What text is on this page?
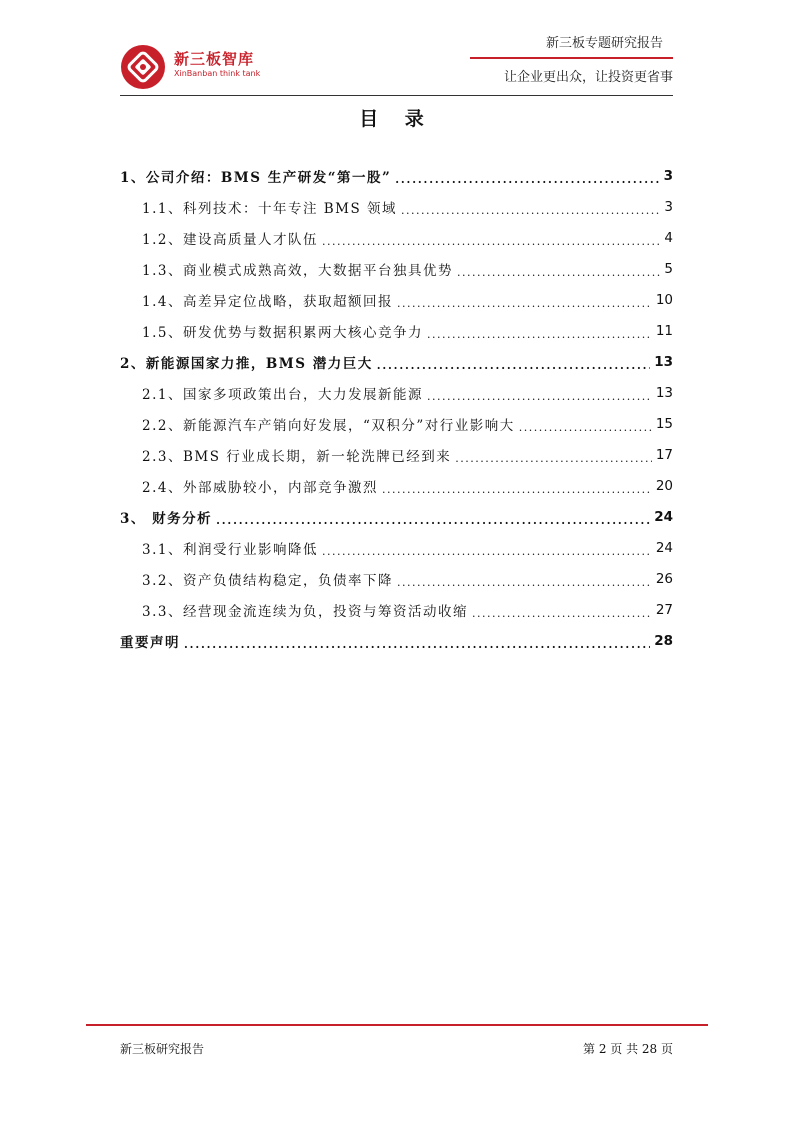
新三板智库
XinBanban think tank
新三板专题研究报告
让企业更出众，让投资更省事
目 录
1、公司介绍：BMS 生产研发“第一股” . . .	3
1.1、科列技术：十年专注 BMS 领域 . . .	3
1.2、建设高质量人才队伍 . . .	4
1.3、商业模式成熟高效，大数据平台独具优势 . . .	5
1.4、高差异定位战略，获取超额回报 . . .	10
1.5、研发优势与数据积累两大核心竞争力 . . .	11
2、新能源国家力推，BMS 潜力巨大 . . .	13
2.1、国家多项政策出台，大力发展新能源 . . .	13
2.2、新能源汽车产销向好发展，“双积分”对行业影响大 . . .	15
2.3、BMS 行业成长期，新一轮洗牌已经到来 . . .	17
2.4、外部威胁较小，内部竞争激烈 . . .	20
3、 财务分析 . . .	24
3.1、利润受行业影响降低 . . .	24
3.2、资产负债结构稳定，负债率下降 . . .	26
3.3、经营现金流连续为负，投资与筹资活动收缩 . . .	27
重要声明 . . .	28
新三板研究报告	第 2 页 共 28 页
